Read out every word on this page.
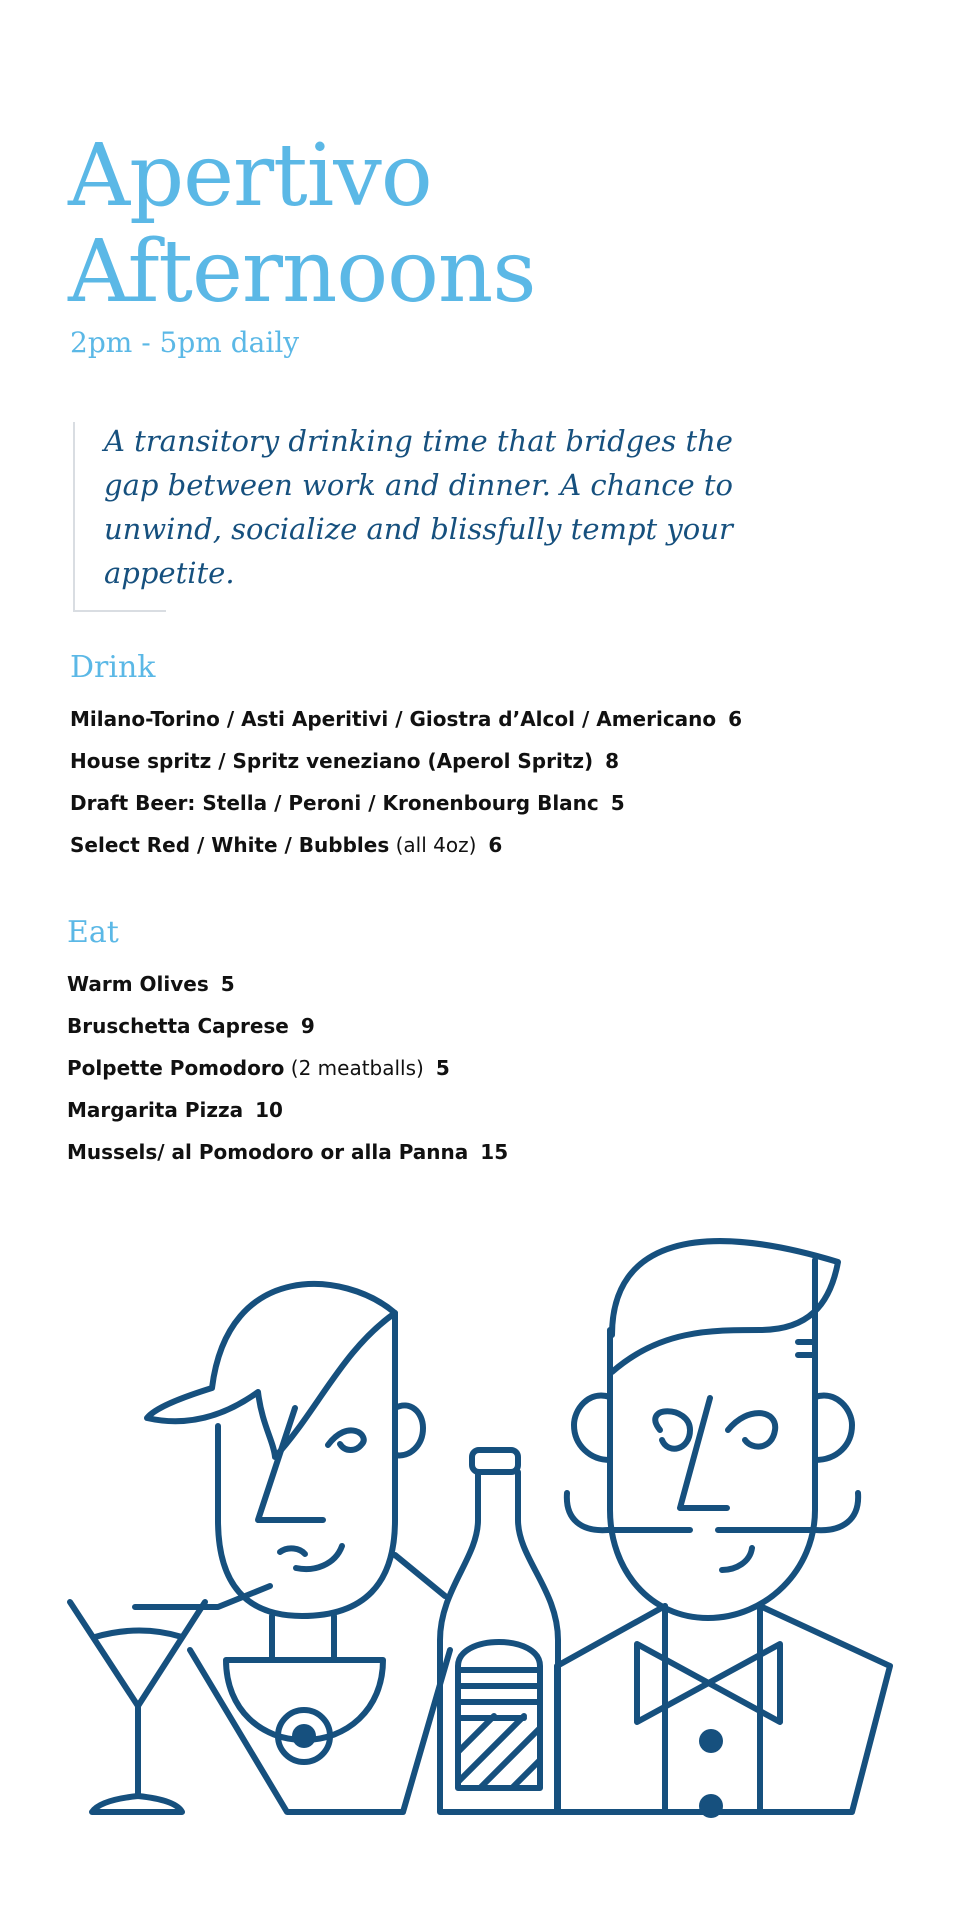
Apertivo
Afternoons
2pm - 5pm daily
A transitory drinking time that bridges the gap between work and dinner. A chance to unwind, socialize and blissfully tempt your appetite.
Drink
Milano-Torino / Asti Aperitivi / Giostra d’Alcol / Americano 6
House spritz / Spritz veneziano (Aperol Spritz) 8
Draft Beer: Stella / Peroni / Kronenbourg Blanc 5
Select Red / White / Bubbles (all 4oz) 6
Eat
Warm Olives 5
Bruschetta Caprese 9
Polpette Pomodoro (2 meatballs) 5
Margarita Pizza 10
Mussels/ al Pomodoro or alla Panna 15
